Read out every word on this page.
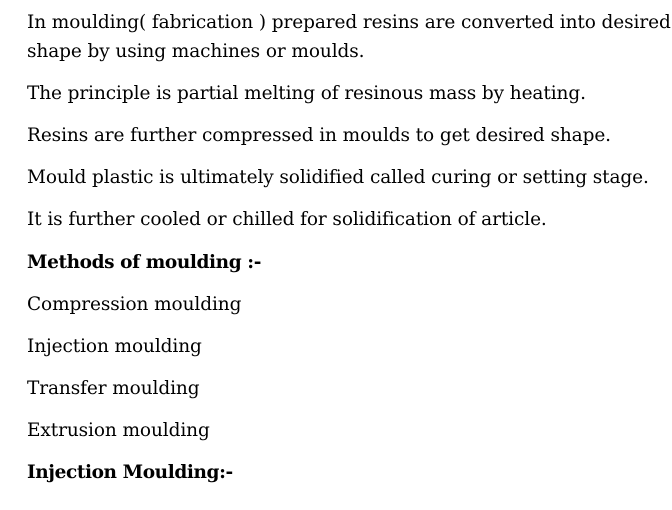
In moulding( fabrication ) prepared resins are converted into desired
shape by using machines or moulds.
The principle is partial melting of resinous mass by heating.
Resins are further compressed in moulds to get desired shape.
Mould plastic is ultimately solidified called curing or setting stage.
It is further cooled or chilled for solidification of article.
Methods of moulding :-
Compression moulding
Injection moulding
Transfer moulding
Extrusion moulding
Injection Moulding:-
